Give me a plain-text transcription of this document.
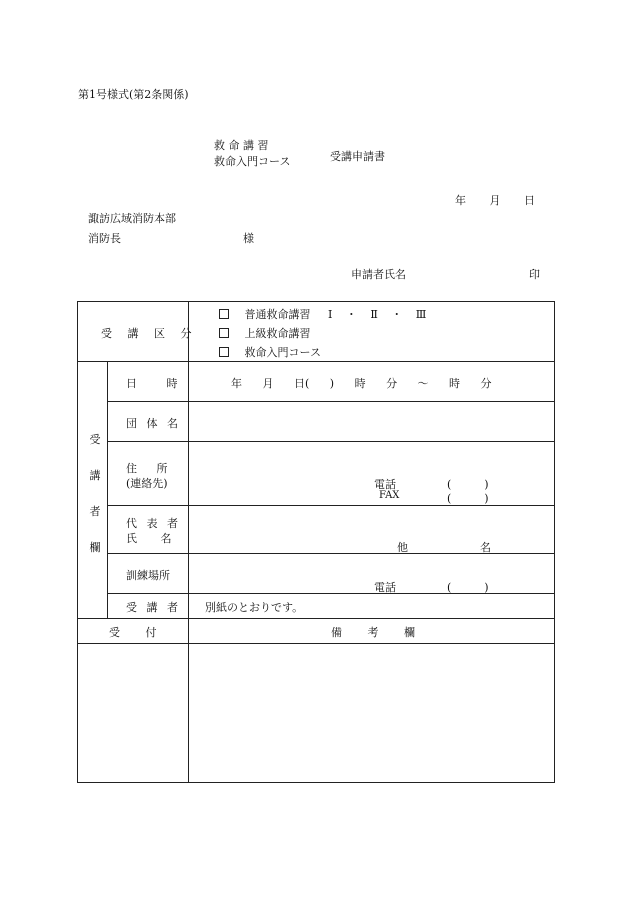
第1号様式(第2条関係)
救 命 講 習
救命入門コース	受講申請書
年 月 日
諏訪広域消防本部
消防長	様
申請者氏名	印
受 講 区 分
普通救命講習 Ⅰ ・ Ⅱ ・ Ⅲ
上級救命講習
救命入門コース
受
講
者
欄
日 時	年 月 日( ) 時 分 ～ 時 分
団 体 名
住 所
(連絡先)	電話	(　　　)
FAX	(　　　)
代 表 者
氏 名
他	名
訓練場所
電話	(　　　)
受 講 者 別紙のとおりです。
受 付	備 考 欄
